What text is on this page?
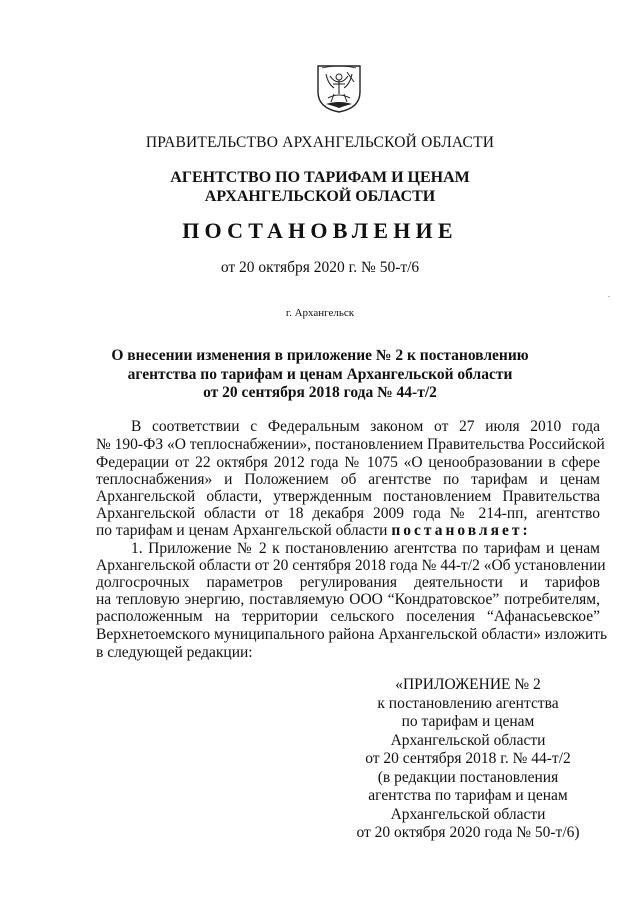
ПРАВИТЕЛЬСТВО АРХАНГЕЛЬСКОЙ ОБЛАСТИ
АГЕНТСТВО ПО ТАРИФАМ И ЦЕНАМ
АРХАНГЕЛЬСКОЙ ОБЛАСТИ
ПОСТАНОВЛЕНИЕ
от 20 октября 2020 г. № 50-т/6
г. Архангельск
О внесении изменения в приложение № 2 к постановлению
агентства по тарифам и ценам Архангельской области
от 20 сентября 2018 года № 44-т/2
В соответствии с Федеральным законом от 27 июля 2010 года
№ 190-ФЗ «О теплоснабжении», постановлением Правительства Российской
Федерации от 22 октября 2012 года № 1075 «О ценообразовании в сфере
теплоснабжения» и Положением об агентстве по тарифам и ценам
Архангельской области, утвержденным постановлением Правительства
Архангельской области от 18 декабря 2009 года № 214-пп, агентство
по тарифам и ценам Архангельской области постановляет:
1. Приложение № 2 к постановлению агентства по тарифам и ценам
Архангельской области от 20 сентября 2018 года № 44-т/2 «Об установлении
долгосрочных параметров регулирования деятельности и тарифов
на тепловую энергию, поставляемую ООО “Кондратовское” потребителям,
расположенным на территории сельского поселения “Афанасьевское”
Верхнетоемского муниципального района Архангельской области» изложить
в следующей редакции:
«ПРИЛОЖЕНИЕ № 2
к постановлению агентства
по тарифам и ценам
Архангельской области
от 20 сентября 2018 г. № 44-т/2
(в редакции постановления
агентства по тарифам и ценам
Архангельской области
от 20 октября 2020 года № 50-т/6)
